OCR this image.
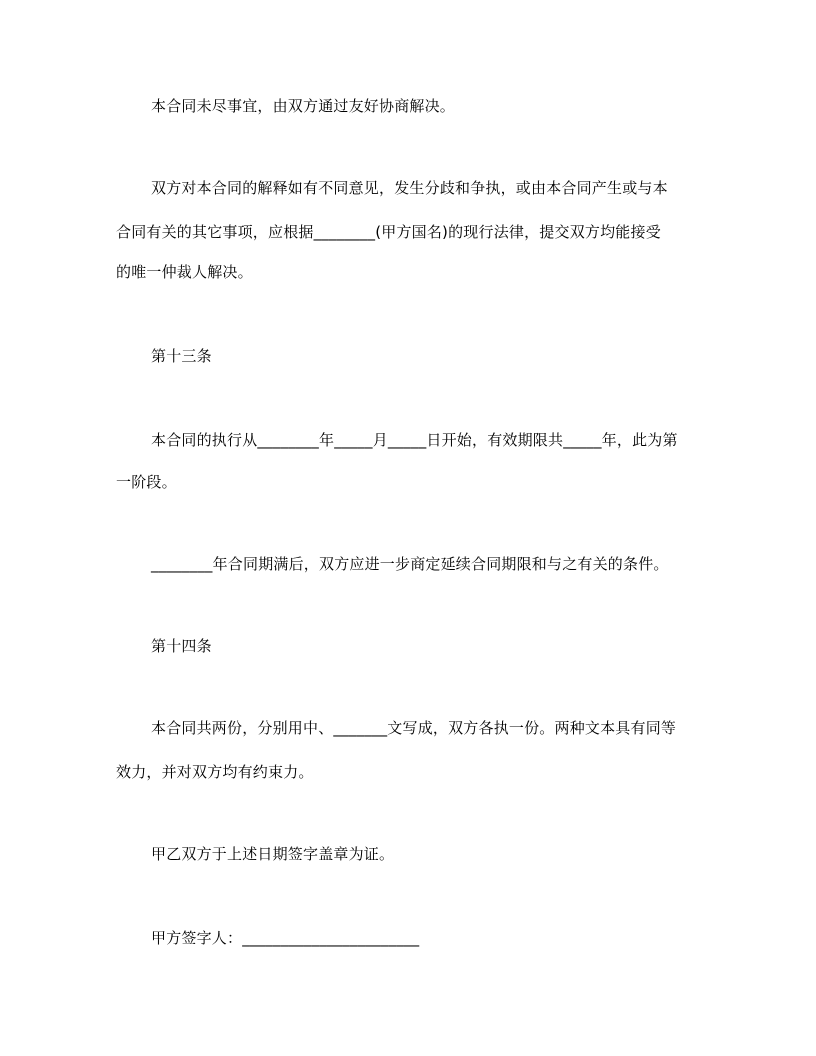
本合同未尽事宜，由双方通过友好协商解决。
双方对本合同的解释如有不同意见，发生分歧和争执，或由本合同产生或与本
合同有关的其它事项，应根据________(甲方国名)的现行法律，提交双方均能接受
的唯一仲裁人解决。
第十三条
本合同的执行从________年_____月_____日开始，有效期限共_____年，此为第
一阶段。
________年合同期满后，双方应进一步商定延续合同期限和与之有关的条件。
第十四条
本合同共两份，分别用中、_______文写成，双方各执一份。两种文本具有同等
效力，并对双方均有约束力。
甲乙双方于上述日期签字盖章为证。
甲方签字人：_______________________
